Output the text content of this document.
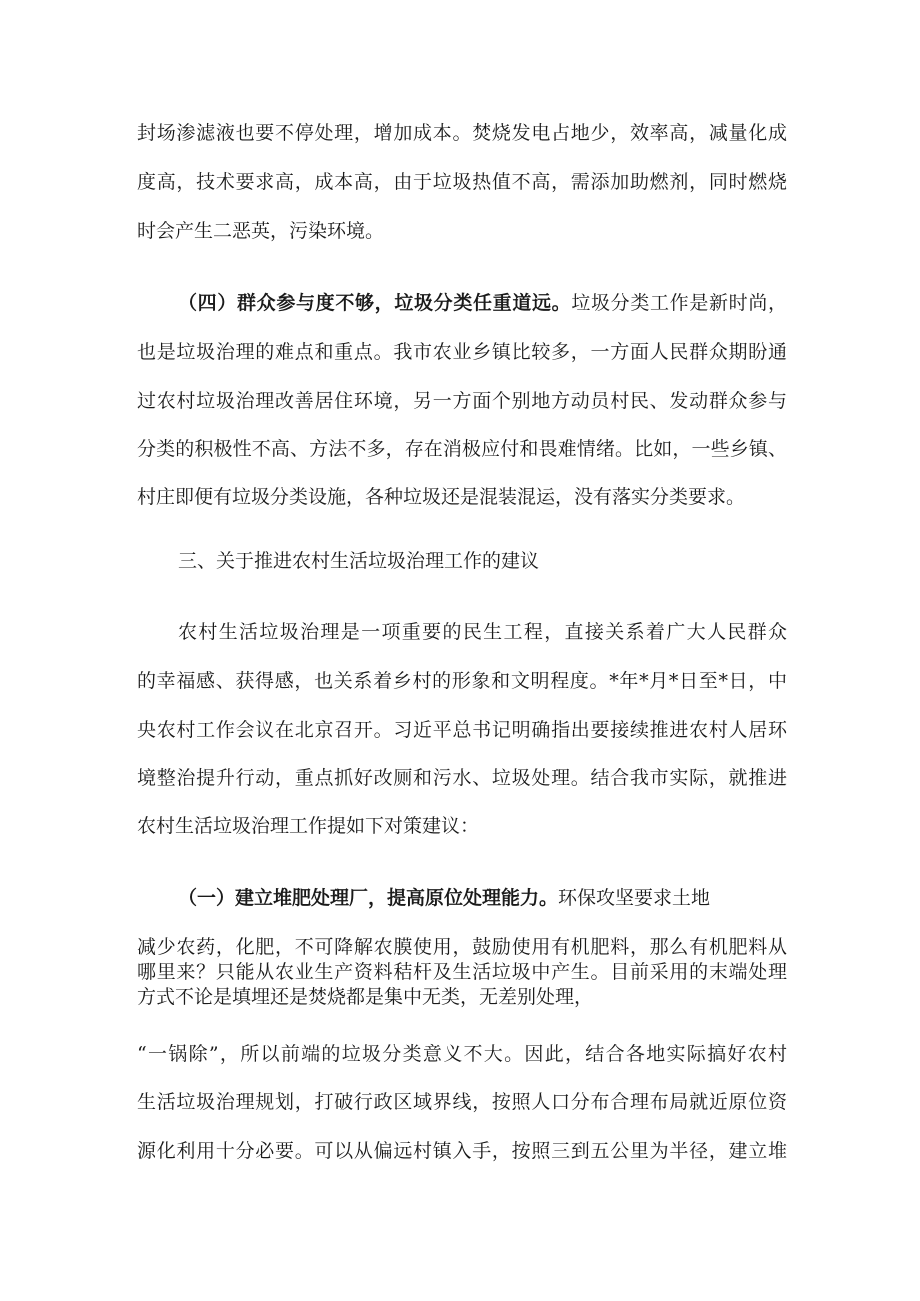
封场渗滤液也要不停处理，增加成本。焚烧发电占地少，效率高，减量化成
度高，技术要求高，成本高，由于垃圾热值不高，需添加助燃剂，同时燃烧
时会产生二恶英，污染环境。
（四）群众参与度不够，垃圾分类任重道远。垃圾分类工作是新时尚，
也是垃圾治理的难点和重点。我市农业乡镇比较多，一方面人民群众期盼通
过农村垃圾治理改善居住环境，另一方面个别地方动员村民、发动群众参与
分类的积极性不高、方法不多，存在消极应付和畏难情绪。比如，一些乡镇、
村庄即便有垃圾分类设施，各种垃圾还是混装混运，没有落实分类要求。
三、关于推进农村生活垃圾治理工作的建议
农村生活垃圾治理是一项重要的民生工程，直接关系着广大人民群众
的幸福感、获得感，也关系着乡村的形象和文明程度。*年*月*日至*日，中
央农村工作会议在北京召开。习近平总书记明确指出要接续推进农村人居环
境整治提升行动，重点抓好改厕和污水、垃圾处理。结合我市实际，就推进
农村生活垃圾治理工作提如下对策建议：
（一）建立堆肥处理厂，提高原位处理能力。环保攻坚要求土地
减少农药，化肥，不可降解农膜使用，鼓励使用有机肥料，那么有机肥料从
哪里来？只能从农业生产资料秸杆及生活垃圾中产生。目前采用的末端处理
方式不论是填埋还是焚烧都是集中无类，无差别处理，
“一锅除”，所以前端的垃圾分类意义不大。因此，结合各地实际搞好农村
生活垃圾治理规划，打破行政区域界线，按照人口分布合理布局就近原位资
源化利用十分必要。可以从偏远村镇入手，按照三到五公里为半径，建立堆
